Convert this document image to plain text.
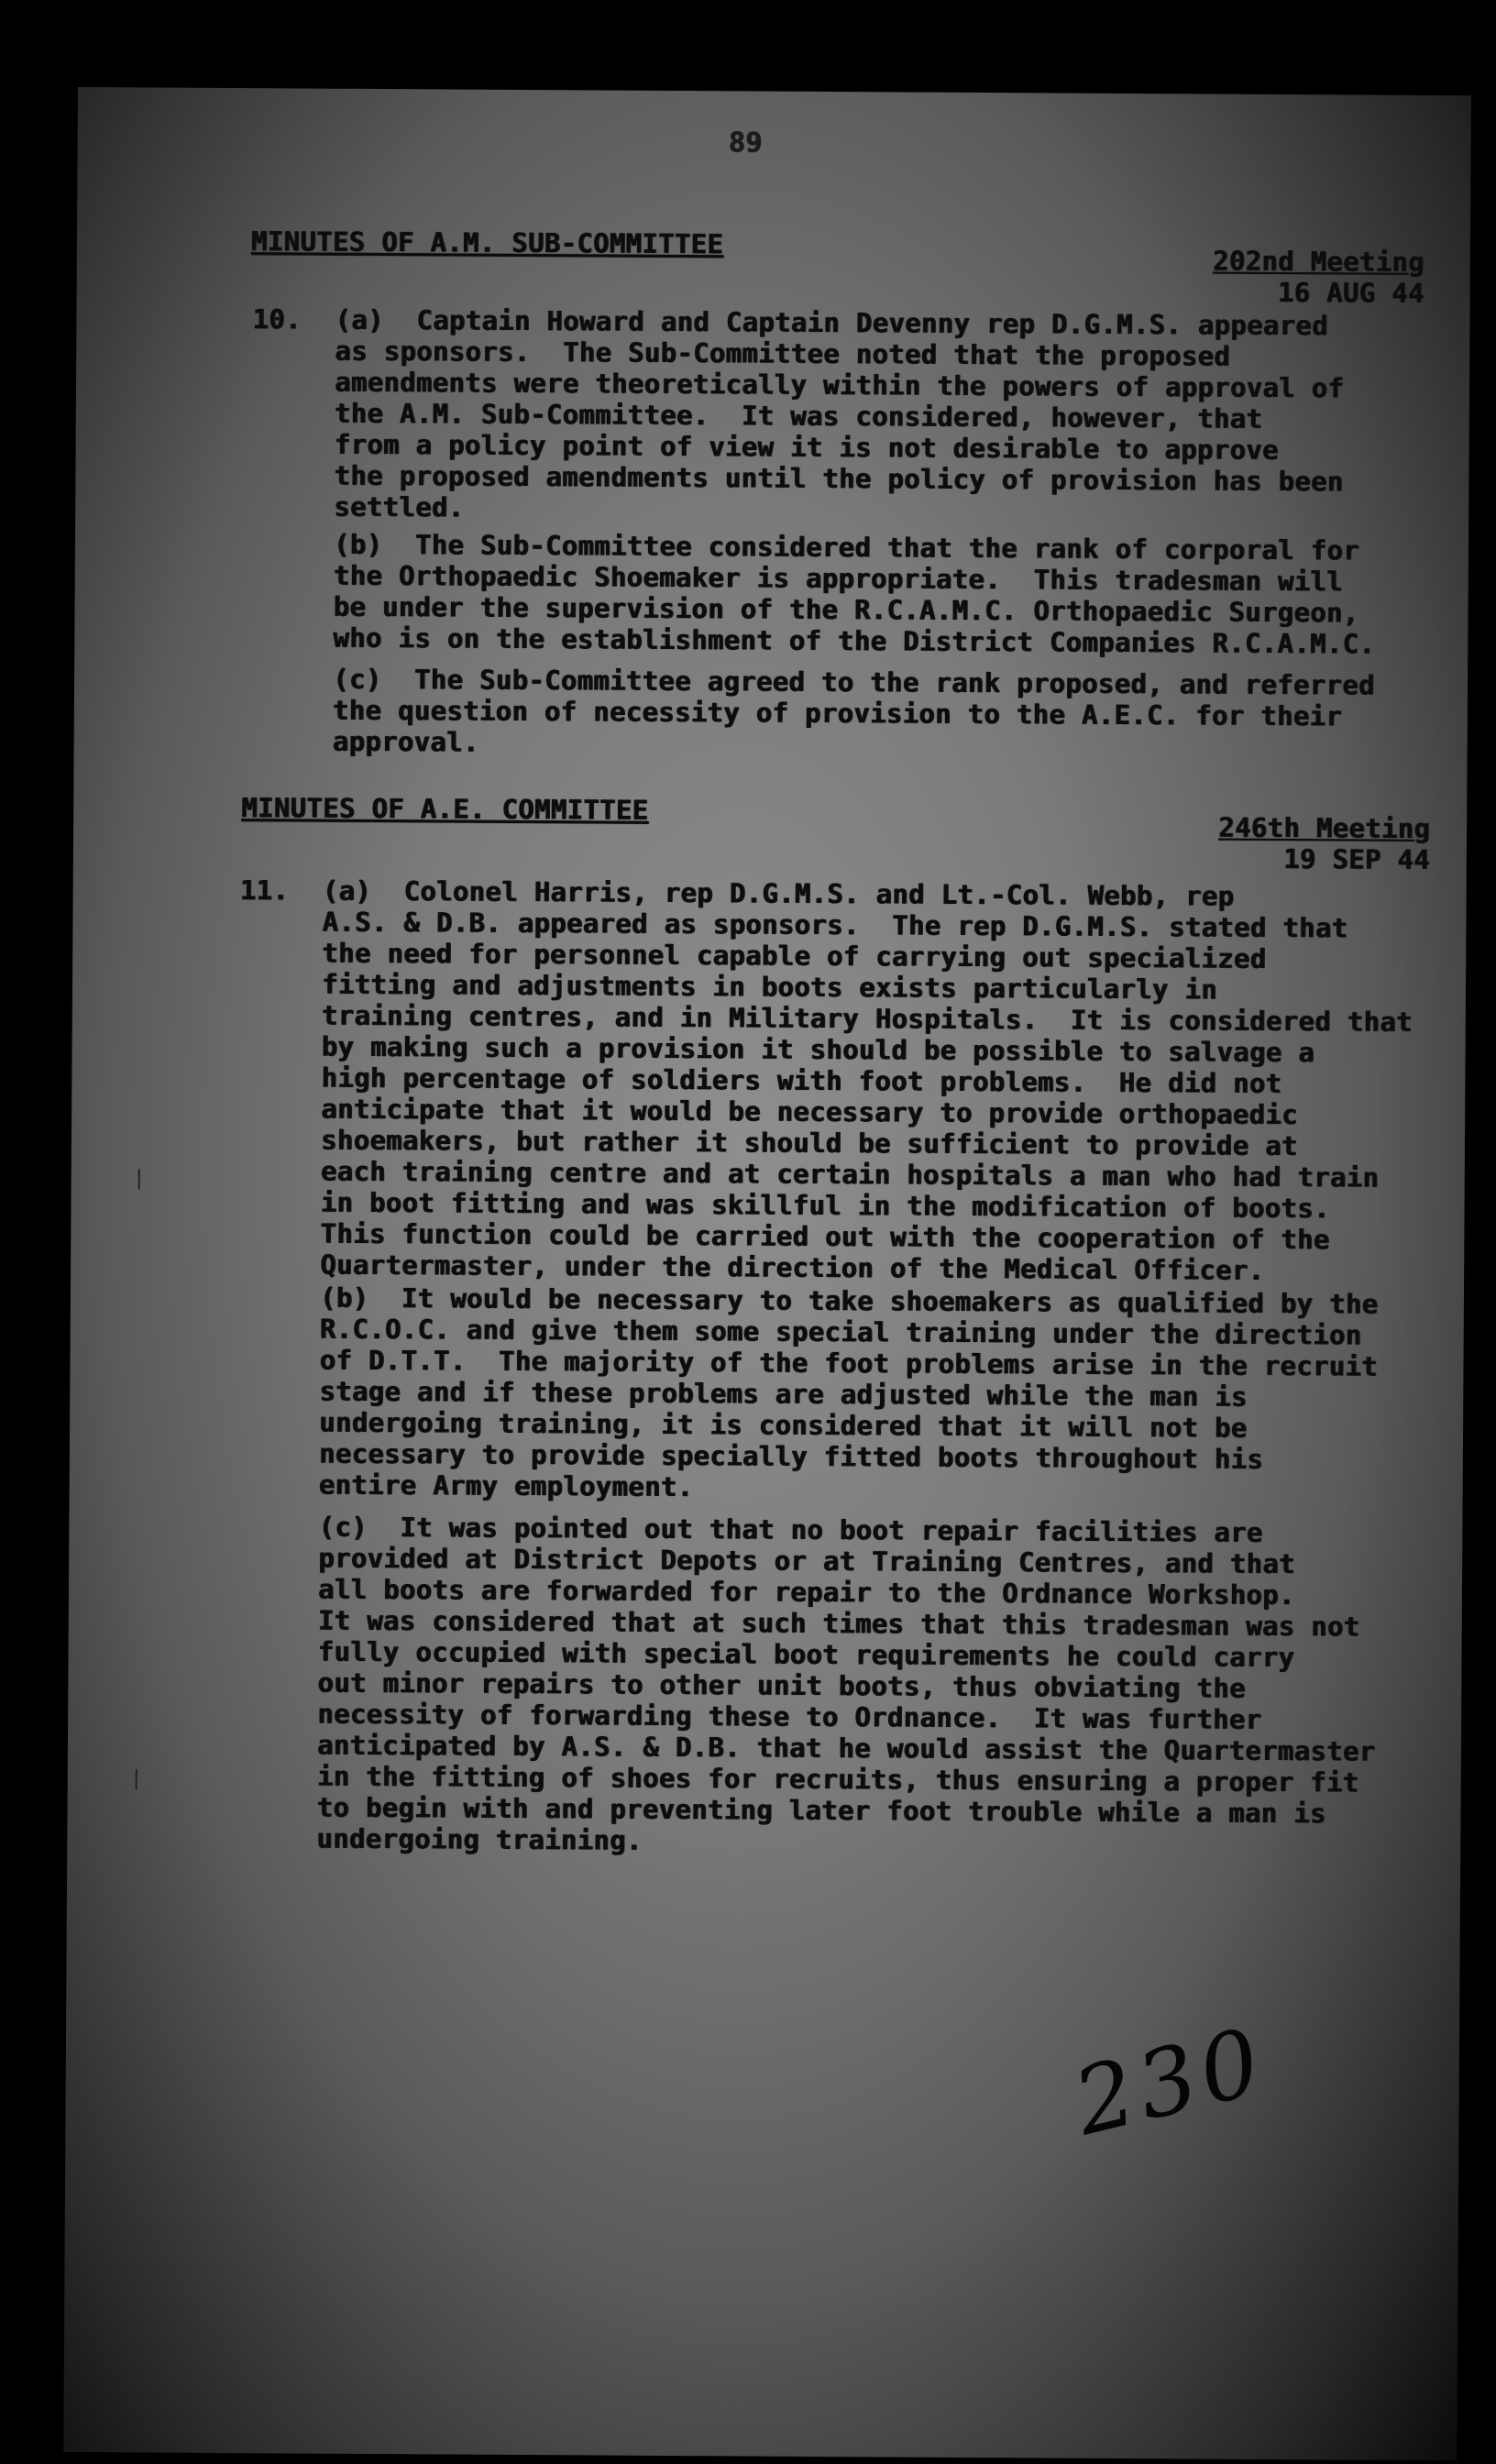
89
MINUTES OF A.M. SUB-COMMITTEE
202nd Meeting
16 AUG 44
10. (a)  Captain Howard and Captain Devenny rep D.G.M.S. appeared
as sponsors.  The Sub-Committee noted that the proposed
amendments were theoretically within the powers of approval of
the A.M. Sub-Committee.  It was considered, however, that
from a policy point of view it is not desirable to approve
the proposed amendments until the policy of provision has been
settled.
(b)  The Sub-Committee considered that the rank of corporal for
the Orthopaedic Shoemaker is appropriate.  This tradesman will
be under the supervision of the R.C.A.M.C. Orthopaedic Surgeon,
who is on the establishment of the District Companies R.C.A.M.C.
(c)  The Sub-Committee agreed to the rank proposed, and referred
the question of necessity of provision to the A.E.C. for their
approval.
MINUTES OF A.E. COMMITTEE
246th Meeting
19 SEP 44
11. (a)  Colonel Harris, rep D.G.M.S. and Lt.-Col. Webb, rep
A.S. & D.B. appeared as sponsors.  The rep D.G.M.S. stated that
the need for personnel capable of carrying out specialized
fitting and adjustments in boots exists particularly in
training centres, and in Military Hospitals.  It is considered that
by making such a provision it should be possible to salvage a
high percentage of soldiers with foot problems.  He did not
anticipate that it would be necessary to provide orthopaedic
shoemakers, but rather it should be sufficient to provide at
each training centre and at certain hospitals a man who had train
in boot fitting and was skillful in the modification of boots.
This function could be carried out with the cooperation of the
Quartermaster, under the direction of the Medical Officer.
(b)  It would be necessary to take shoemakers as qualified by the
R.C.O.C. and give them some special training under the direction
of D.T.T.  The majority of the foot problems arise in the recruit
stage and if these problems are adjusted while the man is
undergoing training, it is considered that it will not be
necessary to provide specially fitted boots throughout his
entire Army employment.
(c)  It was pointed out that no boot repair facilities are
provided at District Depots or at Training Centres, and that
all boots are forwarded for repair to the Ordnance Workshop.
It was considered that at such times that this tradesman was not
fully occupied with special boot requirements he could carry
out minor repairs to other unit boots, thus obviating the
necessity of forwarding these to Ordnance.  It was further
anticipated by A.S. & D.B. that he would assist the Quartermaster
in the fitting of shoes for recruits, thus ensuring a proper fit
to begin with and preventing later foot trouble while a man is
undergoing training.
230
